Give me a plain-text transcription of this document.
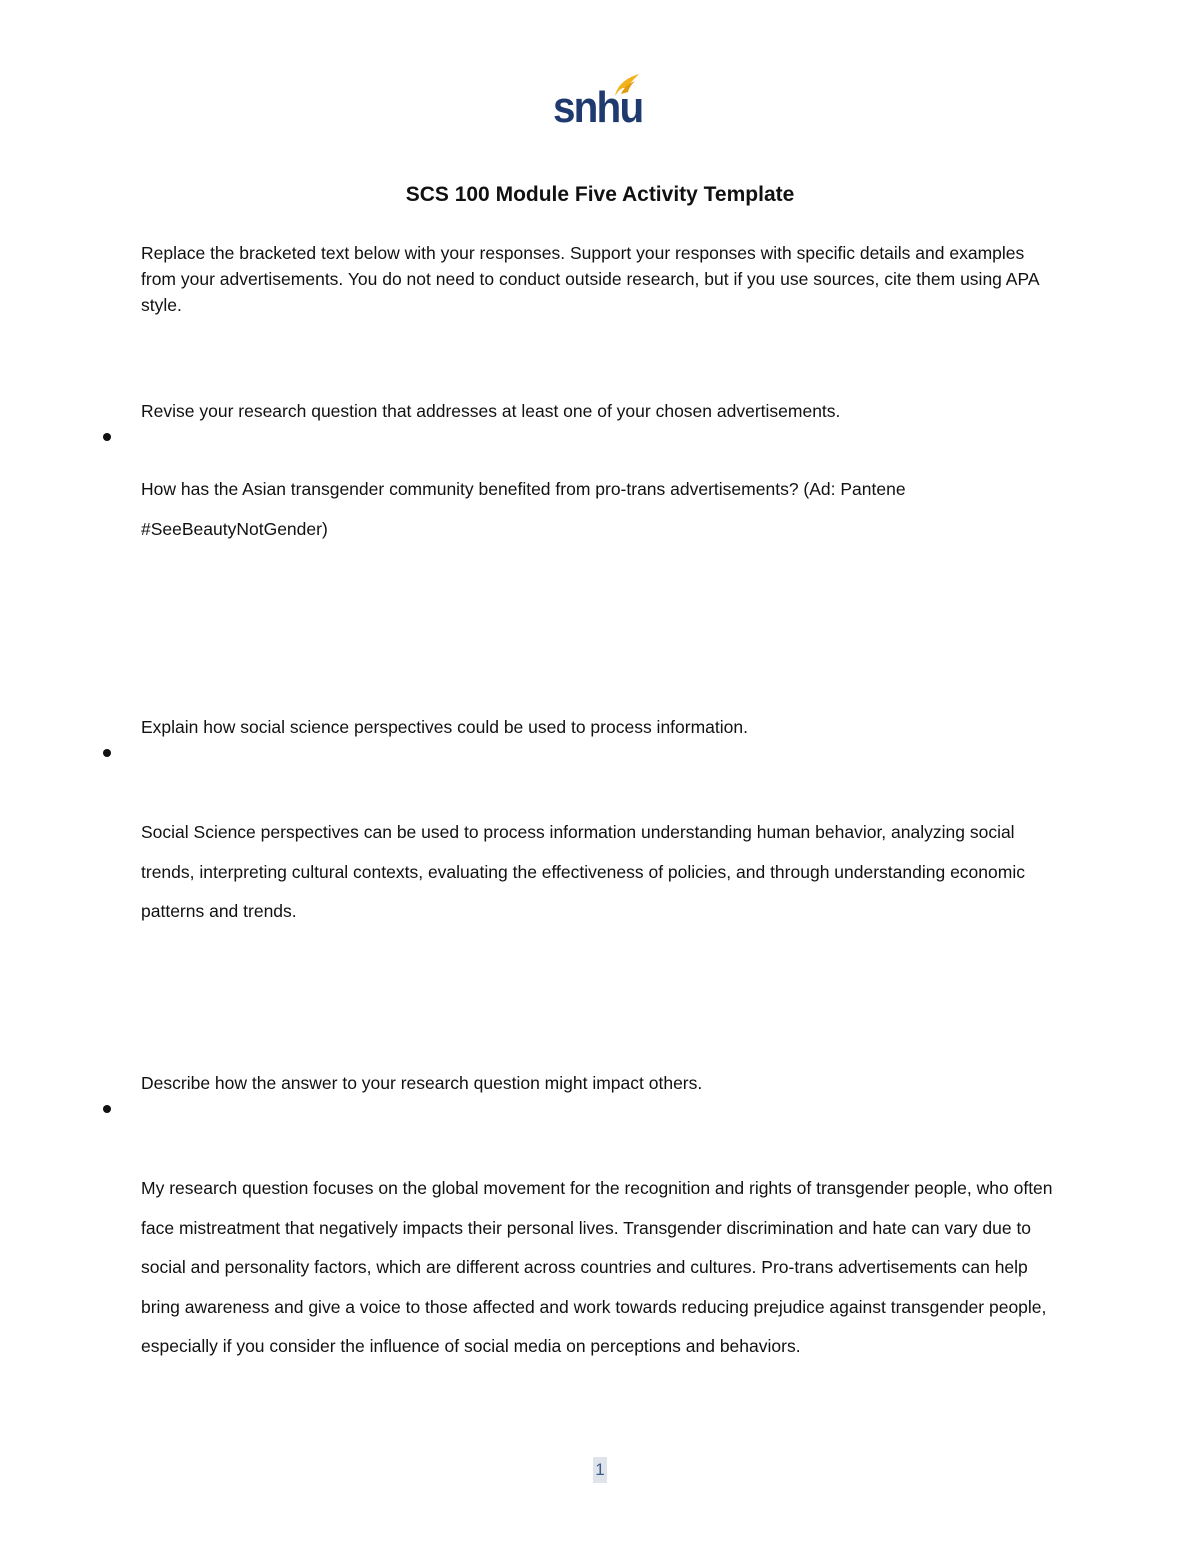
snhu
SCS 100 Module Five Activity Template
Replace the bracketed text below with your responses. Support your responses with specific details and examples from your advertisements. You do not need to conduct outside research, but if you use sources, cite them using APA style.
Revise your research question that addresses at least one of your chosen advertisements.
How has the Asian transgender community benefited from pro-trans advertisements? (Ad: Pantene #SeeBeautyNotGender)
Explain how social science perspectives could be used to process information.
Social Science perspectives can be used to process information understanding human behavior, analyzing social trends, interpreting cultural contexts, evaluating the effectiveness of policies, and through understanding economic patterns and trends.
Describe how the answer to your research question might impact others.
My research question focuses on the global movement for the recognition and rights of transgender people, who often face mistreatment that negatively impacts their personal lives. Transgender discrimination and hate can vary due to social and personality factors, which are different across countries and cultures. Pro-trans advertisements can help bring awareness and give a voice to those affected and work towards reducing prejudice against transgender people, especially if you consider the influence of social media on perceptions and behaviors.
1
